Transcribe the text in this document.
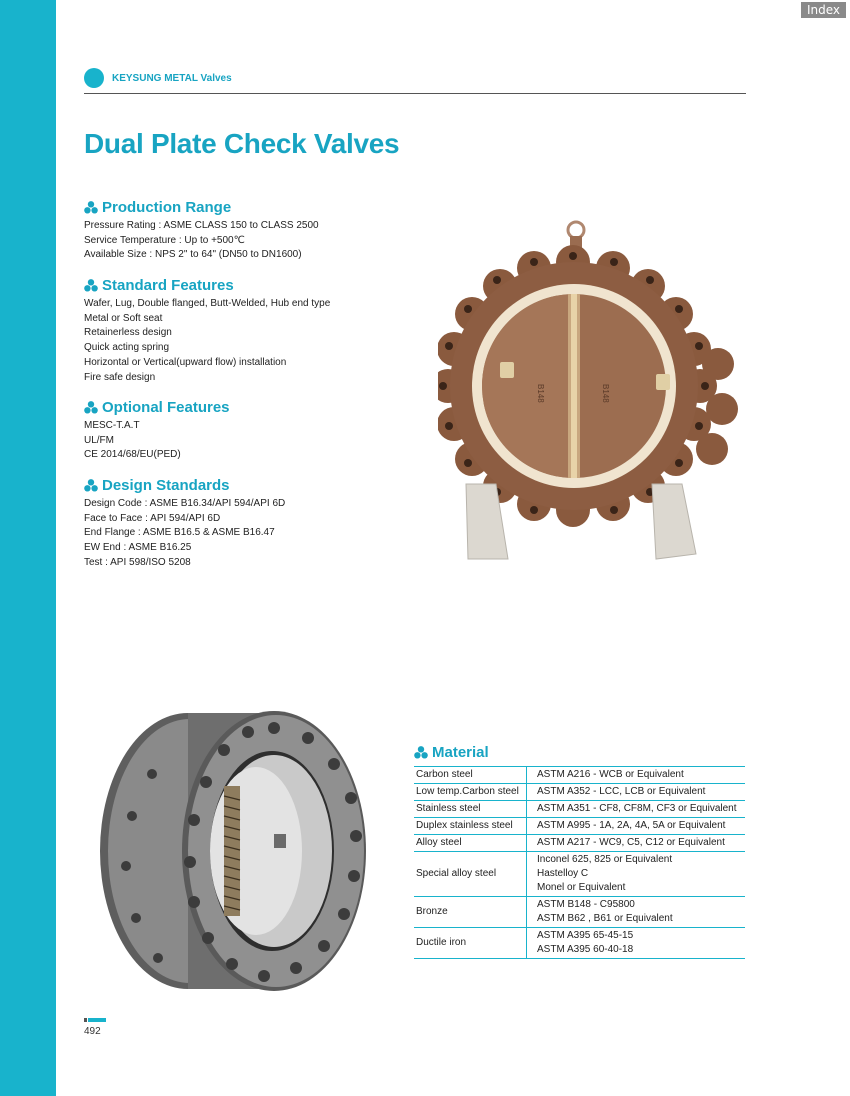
Index
KEYSUNG METAL Valves
Dual Plate Check Valves
Production Range
Pressure Rating : ASME CLASS 150 to CLASS 2500
Service Temperature : Up to +500℃
Available Size : NPS 2" to 64" (DN50 to DN1600)
Standard Features
Wafer, Lug, Double flanged, Butt-Welded, Hub end type
Metal or Soft seat
Retainerless design
Quick acting spring
Horizontal or Vertical(upward flow) installation
Fire safe design
Optional Features
MESC-T.A.T
UL/FM
CE 2014/68/EU(PED)
Design Standards
Design Code : ASME B16.34/API 594/API 6D
Face to Face : API 594/API 6D
End Flange : ASME B16.5 & ASME B16.47
EW End : ASME B16.25
Test : API 598/ISO 5208
B148	B148
Material
Carbon steel	ASTM A216 - WCB or Equivalent

Low temp.Carbon steel	ASTM A352 - LCC, LCB or Equivalent

Stainless steel	ASTM A351 - CF8, CF8M, CF3 or Equivalent

Duplex stainless steel	ASTM A995 - 1A, 2A, 4A, 5A or Equivalent

Alloy steel	ASTM A217 - WC9, C5, C12 or Equivalent

Special alloy steel	Inconel 625, 825 or Equivalent
Hastelloy C
Monel or Equivalent

Bronze	ASTM B148 - C95800
ASTM B62 , B61 or Equivalent

Ductile iron	ASTM A395 65-45-15
ASTM A395 60-40-18
492
